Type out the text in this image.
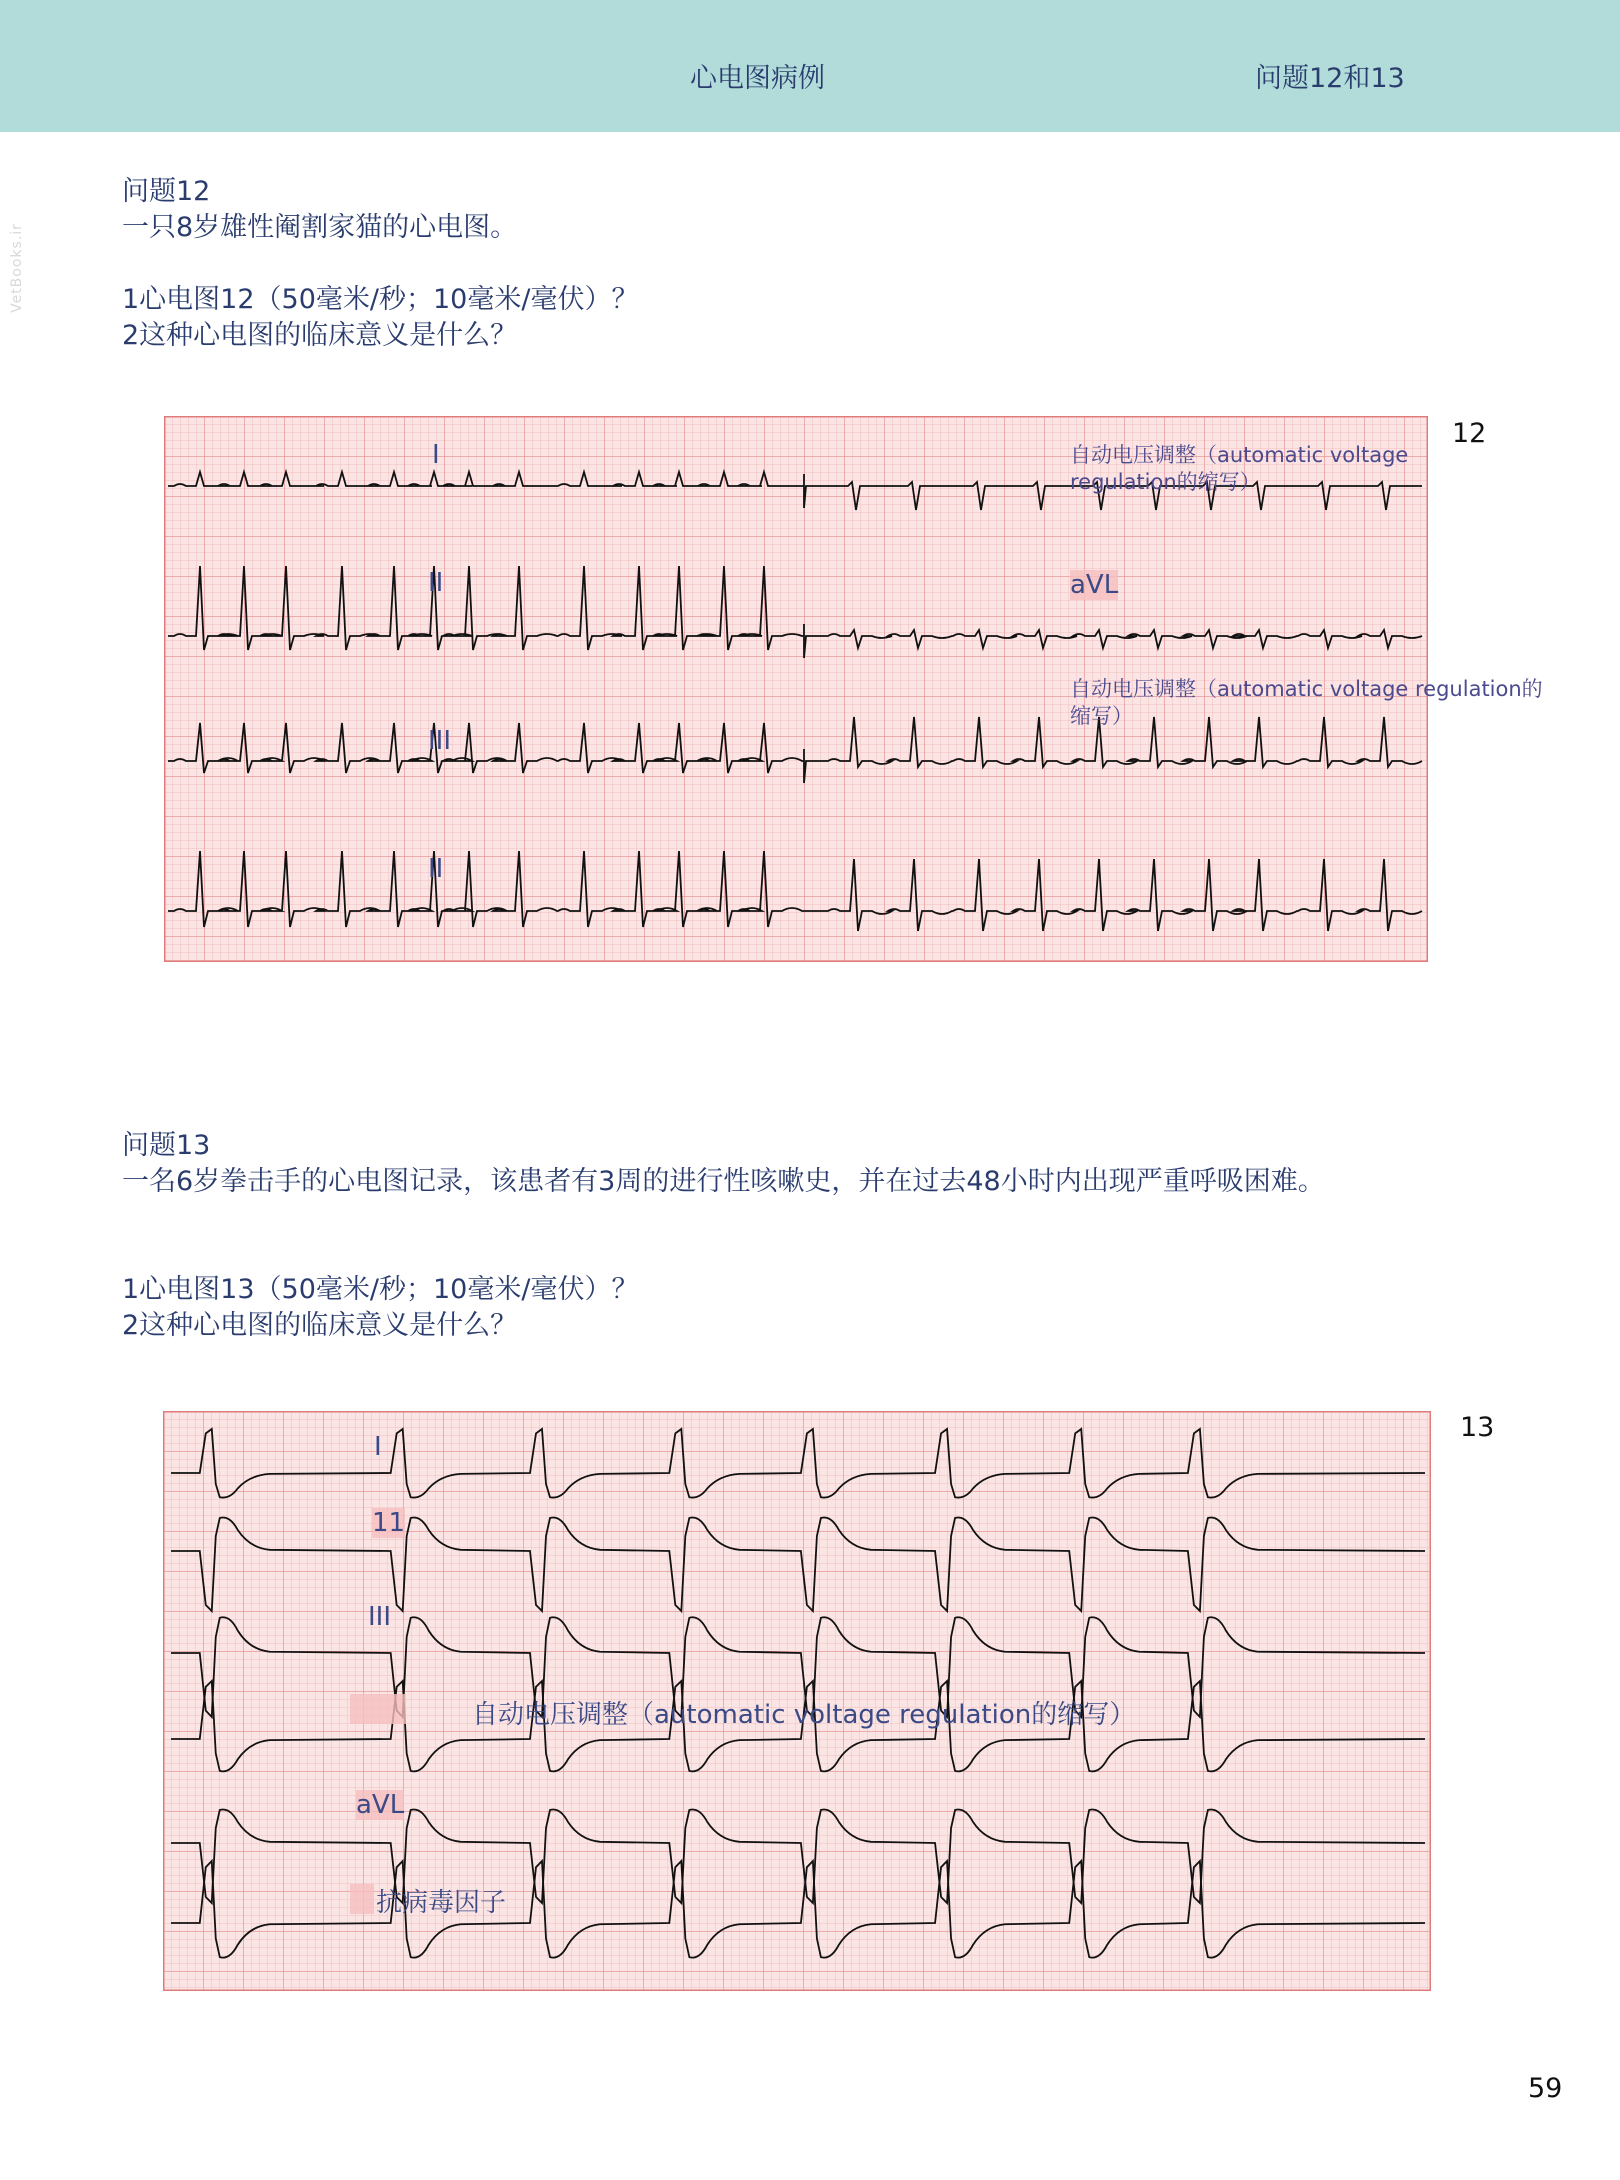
心电图病例	问题12和13
VetBooks.ir
问题12
一只8岁雄性阉割家猫的心电图。
1心电图12（50毫米/秒；10毫米/毫伏）？
2这种心电图的临床意义是什么？
I
II
III
II
自动电压调整（automatic voltage regulation的缩写）
aVL
自动电压调整（automatic voltage regulation的缩写）
12
问题13
一名6岁拳击手的心电图记录，该患者有3周的进行性咳嗽史，并在过去48小时内出现严重呼吸困难。
1心电图13（50毫米/秒；10毫米/毫伏）？
2这种心电图的临床意义是什么？
I
11
III
自动电压调整（automatic voltage regulation的缩写）
aVL
抗病毒因子
13
59
